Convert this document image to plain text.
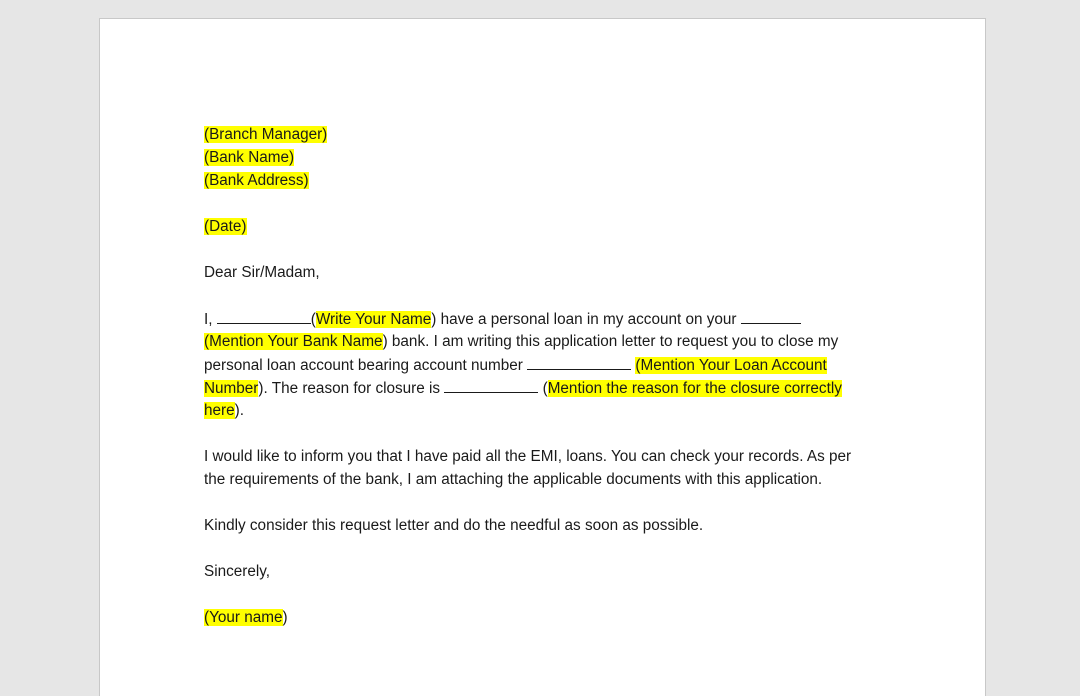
(Branch Manager)
(Bank Name)
(Bank Address)
(Date)
Dear Sir/Madam,
I,	(Write Your Name) have a personal loan in my account on your
(Mention Your Bank Name) bank. I am writing this application letter to request you to close my
personal loan account bearing account number	(Mention Your Loan Account
Number). The reason for closure is	(Mention the reason for the closure correctly
here).
I would like to inform you that I have paid all the EMI, loans. You can check your records. As per
the requirements of the bank, I am attaching the applicable documents with this application.
Kindly consider this request letter and do the needful as soon as possible.
Sincerely,
(Your name)
